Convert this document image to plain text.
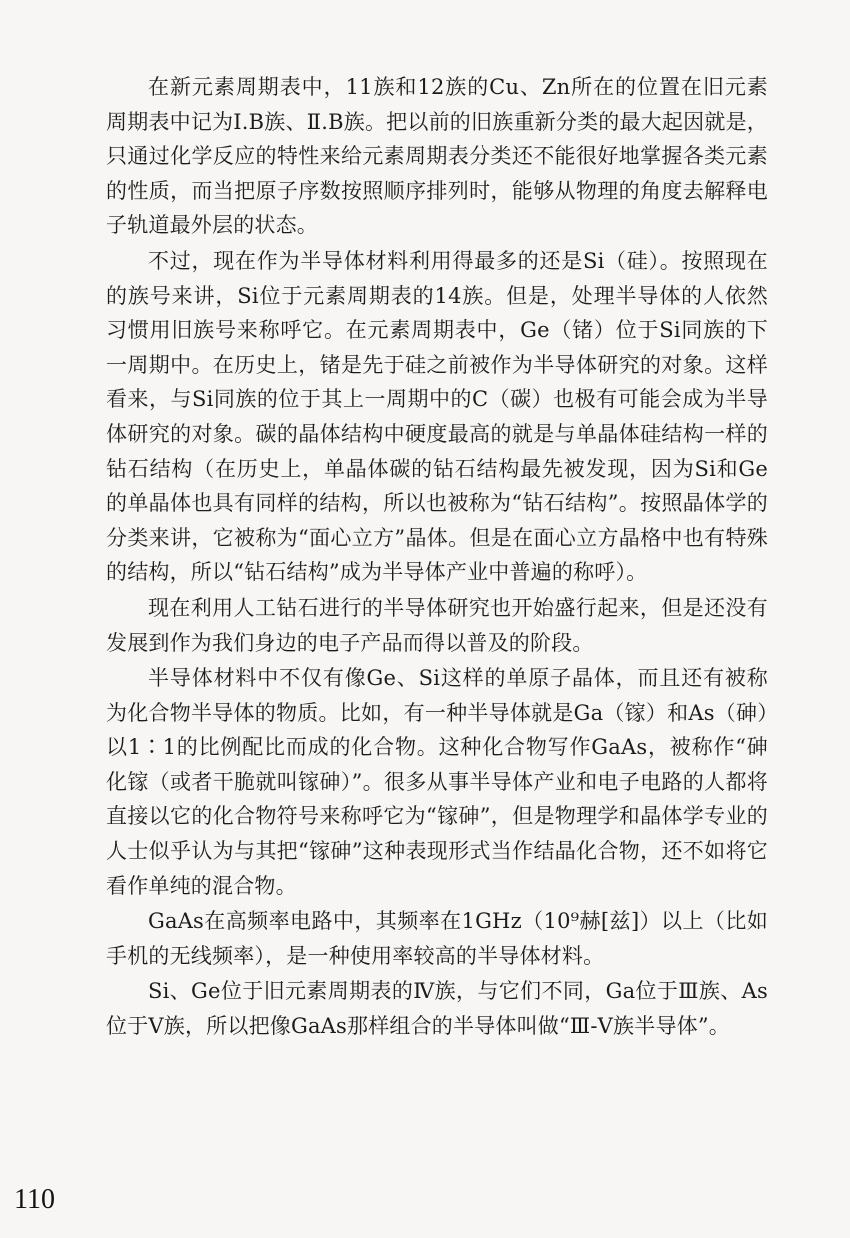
在新元素周期表中，11族和12族的Cu、Zn所在的位置在旧元素周期表中记为Ⅰ.B族、Ⅱ.B族。把以前的旧族重新分类的最大起因就是，只通过化学反应的特性来给元素周期表分类还不能很好地掌握各类元素的性质，而当把原子序数按照顺序排列时，能够从物理的角度去解释电子轨道最外层的状态。

不过，现在作为半导体材料利用得最多的还是Si（硅）。按照现在的族号来讲，Si位于元素周期表的14族。但是，处理半导体的人依然习惯用旧族号来称呼它。在元素周期表中，Ge（锗）位于Si同族的下一周期中。在历史上，锗是先于硅之前被作为半导体研究的对象。这样看来，与Si同族的位于其上一周期中的C（碳）也极有可能会成为半导体研究的对象。碳的晶体结构中硬度最高的就是与单晶体硅结构一样的钻石结构（在历史上，单晶体碳的钻石结构最先被发现，因为Si和Ge的单晶体也具有同样的结构，所以也被称为“钻石结构”。按照晶体学的分类来讲，它被称为“面心立方”晶体。但是在面心立方晶格中也有特殊的结构，所以“钻石结构”成为半导体产业中普遍的称呼）。

现在利用人工钻石进行的半导体研究也开始盛行起来，但是还没有发展到作为我们身边的电子产品而得以普及的阶段。

半导体材料中不仅有像Ge、Si这样的单原子晶体，而且还有被称为化合物半导体的物质。比如，有一种半导体就是Ga（镓）和As（砷）以1∶1的比例配比而成的化合物。这种化合物写作GaAs，被称作“砷化镓（或者干脆就叫镓砷）”。很多从事半导体产业和电子电路的人都将直接以它的化合物符号来称呼它为“镓砷”，但是物理学和晶体学专业的人士似乎认为与其把“镓砷”这种表现形式当作结晶化合物，还不如将它看作单纯的混合物。

GaAs在高频率电路中，其频率在1GHz（10⁹赫[兹]）以上（比如手机的无线频率），是一种使用率较高的半导体材料。

Si、Ge位于旧元素周期表的Ⅳ族，与它们不同，Ga位于Ⅲ族、As位于Ⅴ族，所以把像GaAs那样组合的半导体叫做“Ⅲ-Ⅴ族半导体”。

110
